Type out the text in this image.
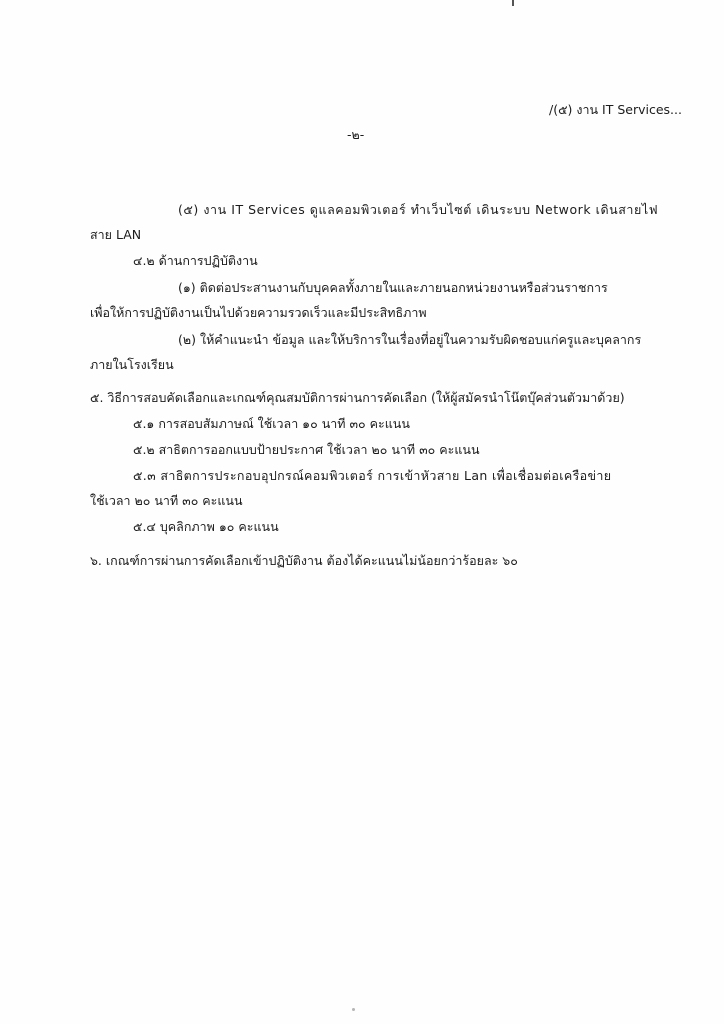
/(๕) งาน IT Services...
-๒-
(๕) งาน IT Services ดูแลคอมพิวเตอร์ ทำเว็บไซต์ เดินระบบ Network เดินสายไฟ
สาย LAN
๔.๒ ด้านการปฏิบัติงาน
(๑) ติดต่อประสานงานกับบุคคลทั้งภายในและภายนอกหน่วยงานหรือส่วนราชการ
เพื่อให้การปฏิบัติงานเป็นไปด้วยความรวดเร็วและมีประสิทธิภาพ
(๒) ให้คำแนะนำ ข้อมูล และให้บริการในเรื่องที่อยู่ในความรับผิดชอบแก่ครูและบุคลากร
ภายในโรงเรียน
๕. วิธีการสอบคัดเลือกและเกณฑ์คุณสมบัติการผ่านการคัดเลือก (ให้ผู้สมัครนำโน๊ตบุ๊คส่วนตัวมาด้วย)
๕.๑ การสอบสัมภาษณ์ ใช้เวลา ๑๐ นาที ๓๐ คะแนน
๕.๒ สาธิตการออกแบบป้ายประกาศ ใช้เวลา ๒๐ นาที ๓๐ คะแนน
๕.๓ สาธิตการประกอบอุปกรณ์คอมพิวเตอร์ การเข้าหัวสาย Lan เพื่อเชื่อมต่อเครือข่าย
ใช้เวลา ๒๐ นาที ๓๐ คะแนน
๕.๔ บุคลิกภาพ ๑๐ คะแนน
๖. เกณฑ์การผ่านการคัดเลือกเข้าปฏิบัติงาน ต้องได้คะแนนไม่น้อยกว่าร้อยละ ๖๐
